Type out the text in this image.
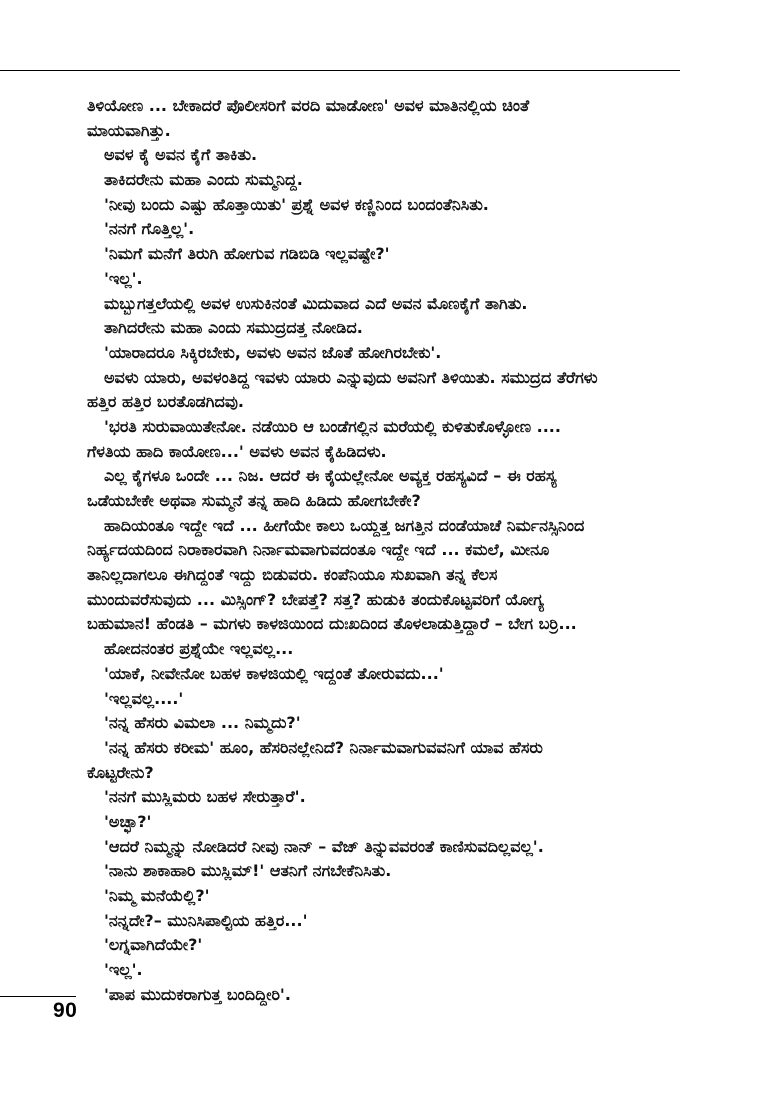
ತಿಳಿಯೋಣ ... ಬೇಕಾದರೆ ಪೊಲೀಸರಿಗೆ ವರದಿ ಮಾಡೋಣ' ಅವಳ ಮಾತಿನಲ್ಲಿಯ ಚಿಂತೆ
ಮಾಯವಾಗಿತ್ತು.
ಅವಳ ಕೈ ಅವನ ಕೈಗೆ ತಾಕಿತು.
ತಾಕಿದರೇನು ಮಹಾ ಎಂದು ಸುಮ್ಮನಿದ್ದ.
'ನೀವು ಬಂದು ಎಷ್ಟು ಹೊತ್ತಾಯಿತು' ಪ್ರಶ್ನೆ ಅವಳ ಕಣ್ಣಿನಿಂದ ಬಂದಂತೆನಿಸಿತು.
'ನನಗೆ ಗೊತ್ತಿಲ್ಲ'.
'ನಿಮಗೆ ಮನೆಗೆ ತಿರುಗಿ ಹೋಗುವ ಗಡಿಬಿಡಿ ಇಲ್ಲವಷ್ಟೇ?'
'ಇಲ್ಲ'.
ಮಬ್ಬುಗತ್ತಲೆಯಲ್ಲಿ ಅವಳ ಉಸುಕಿನಂತೆ ಮಿದುವಾದ ಎದೆ ಅವನ ಮೊಣಕೈಗೆ ತಾಗಿತು.
ತಾಗಿದರೇನು ಮಹಾ ಎಂದು ಸಮುದ್ರದತ್ತ ನೋಡಿದ.
'ಯಾರಾದರೂ ಸಿಕ್ಕಿರಬೇಕು, ಅವಳು ಅವನ ಜೊತೆ ಹೋಗಿರಬೇಕು'.
ಅವಳು ಯಾರು, ಅವಳಂತಿದ್ದ ಇವಳು ಯಾರು ಎನ್ನುವುದು ಅವನಿಗೆ ತಿಳಿಯಿತು. ಸಮುದ್ರದ ತೆರೆಗಳು
ಹತ್ತಿರ ಹತ್ತಿರ ಬರತೊಡಗಿದವು.
'ಭರತಿ ಸುರುವಾಯಿತೇನೋ. ನಡೆಯಿರಿ ಆ ಬಂಡೆಗಲ್ಲಿನ ಮರೆಯಲ್ಲಿ ಕುಳಿತುಕೊಳ್ಳೋಣ ....
ಗೆಳತಿಯ ಹಾದಿ ಕಾಯೋಣ...' ಅವಳು ಅವನ ಕೈಹಿಡಿದಳು.
ಎಲ್ಲ ಕೈಗಳೂ ಒಂದೇ ... ನಿಜ. ಆದರೆ ಈ ಕೈಯಲ್ಲೇನೋ ಅವ್ಯಕ್ತ ರಹಸ್ಯವಿದೆ – ಈ ರಹಸ್ಯ
ಒಡೆಯಬೇಕೇ ಅಥವಾ ಸುಮ್ಮನೆ ತನ್ನ ಹಾದಿ ಹಿಡಿದು ಹೋಗಬೇಕೇ?
ಹಾದಿಯಂತೂ ಇದ್ದೇ ಇದೆ ... ಹೀಗೆಯೇ ಕಾಲು ಒಯ್ದತ್ತ ಜಗತ್ತಿನ ದಂಡೆಯಾಚೆ ನಿರ್ಮನಸ್ಸಿನಿಂದ
ನಿರ್ಹ್ಯದಯದಿಂದ ನಿರಾಕಾರವಾಗಿ ನಿರ್ನಾಮವಾಗುವದಂತೂ ಇದ್ದೇ ಇದೆ ... ಕಮಲೆ, ಮೀನೂ
ತಾನಿಲ್ಲದಾಗಲೂ ಈಗಿದ್ದಂತೆ ಇದ್ದು ಬಿಡುವರು. ಕಂಪೆನಿಯೂ ಸುಖವಾಗಿ ತನ್ನ ಕೆಲಸ
ಮುಂದುವರೆಸುವುದು ... ಮಿಸ್ಸಿಂಗ್? ಬೇಪತ್ತೆ? ಸತ್ತ? ಹುಡುಕಿ ತಂದುಕೊಟ್ಟವರಿಗೆ ಯೋಗ್ಯ
ಬಹುಮಾನ! ಹೆಂಡತಿ – ಮಗಳು ಕಾಳಜಿಯಿಂದ ದುಃಖದಿಂದ ತೊಳಲಾಡುತ್ತಿದ್ದಾರೆ – ಬೇಗ ಬರ್ರಿ...
ಹೋದನಂತರ ಪ್ರಶ್ನೆಯೇ ಇಲ್ಲವಲ್ಲ...
'ಯಾಕೆ, ನೀವೇನೋ ಬಹಳ ಕಾಳಜಿಯಲ್ಲಿ ಇದ್ದಂತೆ ತೋರುವದು...'
'ಇಲ್ಲವಲ್ಲ....'
'ನನ್ನ ಹೆಸರು ವಿಮಲಾ ... ನಿಮ್ಮದು?'
'ನನ್ನ ಹೆಸರು ಕರೀಮ' ಹೂಂ, ಹೆಸರಿನಲ್ಲೇನಿದೆ? ನಿರ್ನಾಮವಾಗುವವನಿಗೆ ಯಾವ ಹೆಸರು
ಕೊಟ್ಟರೇನು?
'ನನಗೆ ಮುಸ್ಲಿಮರು ಬಹಳ ಸೇರುತ್ತಾರೆ'.
'ಅಚ್ಛಾ?'
'ಆದರೆ ನಿಮ್ಮನ್ನು ನೋಡಿದರೆ ನೀವು ನಾನ್ – ವೆಜ್ ತಿನ್ನುವವರಂತೆ ಕಾಣಿಸುವದಿಲ್ಲವಲ್ಲ'.
'ನಾನು ಶಾಕಾಹಾರಿ ಮುಸ್ಲಿಮ್!' ಆತನಿಗೆ ನಗಬೇಕೆನಿಸಿತು.
'ನಿಮ್ಮ ಮನೆಯೆಲ್ಲಿ?'
'ನನ್ನದೇ?– ಮುನಿಸಿಪಾಲ್ಟಿಯ ಹತ್ತಿರ...'
'ಲಗ್ನವಾಗಿದೆಯೇ?'
'ಇಲ್ಲ'.
'ಪಾಪ ಮುದುಕರಾಗುತ್ತ ಬಂದಿದ್ದೀರಿ'.
90
